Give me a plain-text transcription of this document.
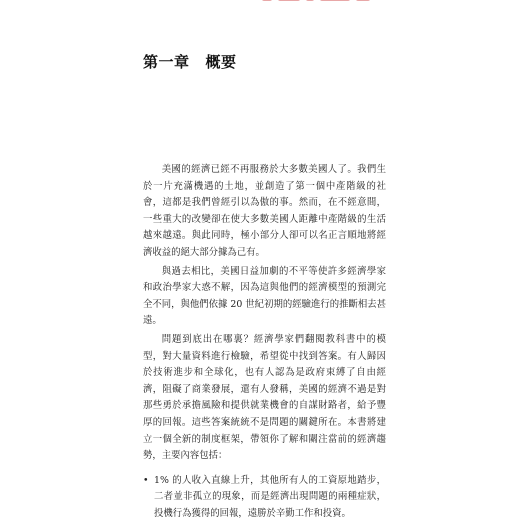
第一章 概要

美國的經濟已經不再服務於大多數美國人了。我們生於一片充滿機遇的土地，並創造了第一個中產階級的社會，這都是我們曾經引以為傲的事。然而，在不經意間，一些重大的改變卻在使大多數美國人距離中產階級的生活越來越遠。與此同時，極小部分人卻可以名正言順地將經濟收益的絕大部分據為己有。

與過去相比，美國日益加劇的不平等使許多經濟學家和政治學家大惑不解，因為這與他們的經濟模型的預測完全不同，與他們依據 20 世紀初期的經驗進行的推斷相去甚遠。

問題到底出在哪裏？經濟學家們翻閱教科書中的模型，對大量資料進行檢驗，希望從中找到答案。有人歸因於技術進步和全球化，也有人認為是政府束縛了自由經濟，阻礙了商業發展，還有人發稱，美國的經濟不過是對那些勇於承擔風險和提供就業機會的自謀財路者，給予豐厚的回報。這些答案統統不是問題的關鍵所在。本書將建立一個全新的制度框架，帶領你了解和關注當前的經濟趨勢，主要內容包括：

• 1% 的人收入直線上升，其他所有人的工資原地踏步，二者並非孤立的現象，而是經濟出現問題的兩種症狀，投機行為獲得的回報，遠勝於辛勤工作和投資。
